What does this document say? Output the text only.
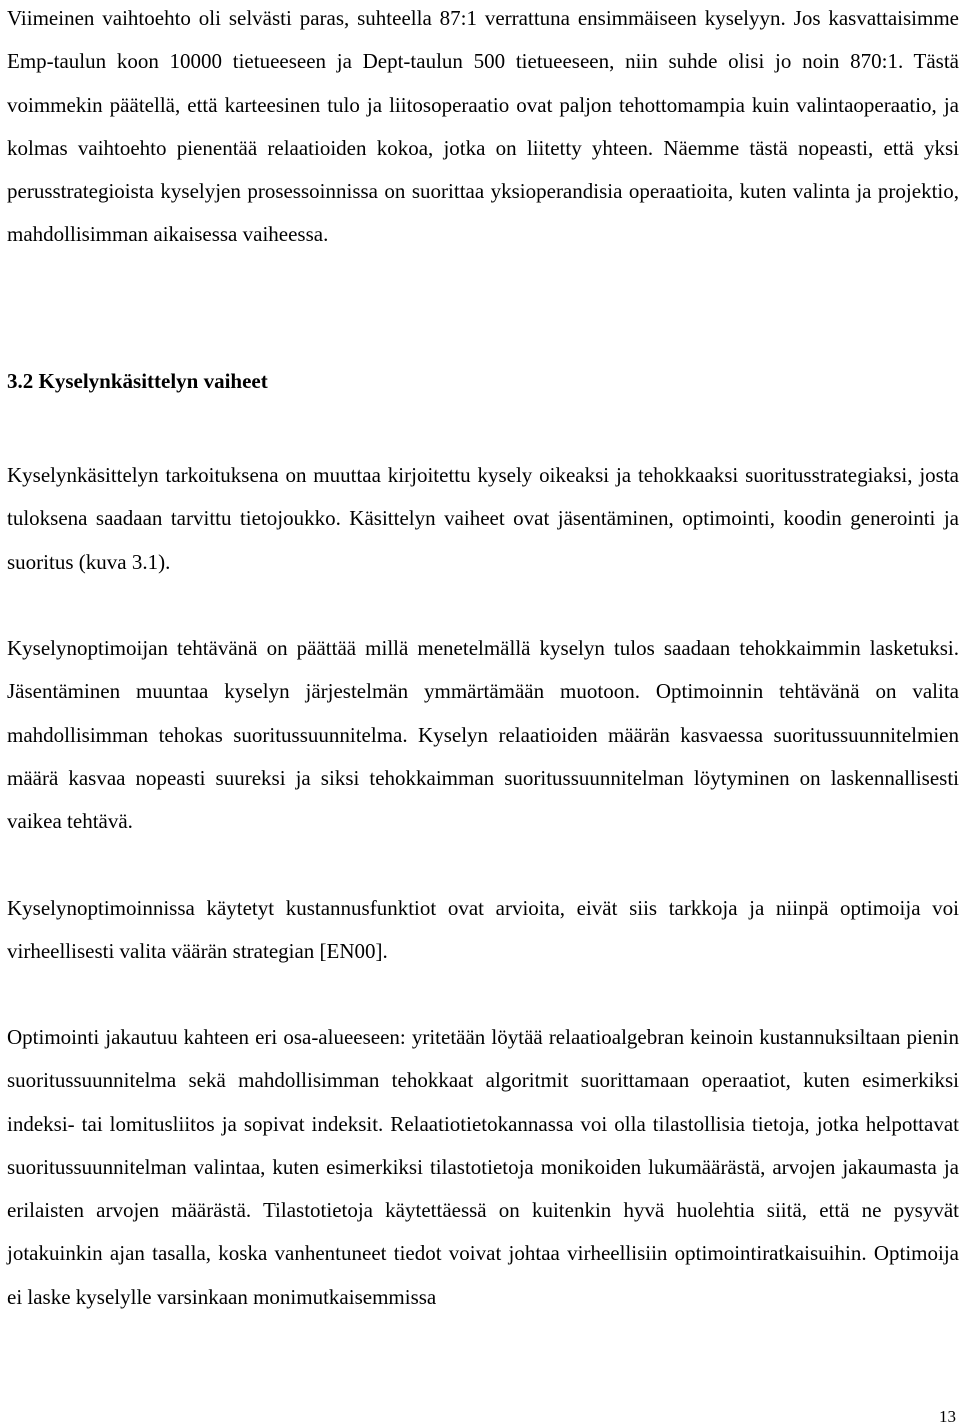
Viimeinen vaihtoehto oli selvästi paras, suhteella 87:1 verrattuna ensimmäiseen kyselyyn. Jos kasvattaisimme Emp-taulun koon 10000 tietueeseen ja Dept-taulun 500 tietueeseen, niin suhde olisi jo noin 870:1. Tästä voimmekin päätellä, että karteesinen tulo ja liitosoperaatio ovat paljon tehottomampia kuin valintaoperaatio, ja kolmas vaihtoehto pienentää relaatioiden kokoa, jotka on liitetty yhteen. Näemme tästä nopeasti, että yksi perusstrategioista kyselyjen prosessoinnissa on suorittaa yksioperandisia operaatioita, kuten valinta ja projektio, mahdollisimman aikaisessa vaiheessa.

3.2 Kyselynkäsittelyn vaiheet

Kyselynkäsittelyn tarkoituksena on muuttaa kirjoitettu kysely oikeaksi ja tehokkaaksi suoritusstrategiaksi, josta tuloksena saadaan tarvittu tietojoukko. Käsittelyn vaiheet ovat jäsentäminen, optimointi, koodin generointi ja suoritus (kuva 3.1).

Kyselynoptimoijan tehtävänä on päättää millä menetelmällä kyselyn tulos saadaan tehokkaimmin lasketuksi. Jäsentäminen muuntaa kyselyn järjestelmän ymmärtämään muotoon. Optimoinnin tehtävänä on valita mahdollisimman tehokas suoritussuunnitelma. Kyselyn relaatioiden määrän kasvaessa suoritussuunnitelmien määrä kasvaa nopeasti suureksi ja siksi tehokkaimman suoritussuunnitelman löytyminen on laskennallisesti vaikea tehtävä.

Kyselynoptimoinnissa käytetyt kustannusfunktiot ovat arvioita, eivät siis tarkkoja ja niinpä optimoija voi virheellisesti valita väärän strategian [EN00].

Optimointi jakautuu kahteen eri osa-alueeseen: yritetään löytää relaatioalgebran keinoin kustannuksiltaan pienin suoritussuunnitelma sekä mahdollisimman tehokkaat algoritmit suorittamaan operaatiot, kuten esimerkiksi indeksi- tai lomitusliitos ja sopivat indeksit. Relaatiotietokannassa voi olla tilastollisia tietoja, jotka helpottavat suoritussuunnitelman valintaa, kuten esimerkiksi tilastotietoja monikoiden lukumäärästä, arvojen jakaumasta ja erilaisten arvojen määrästä. Tilastotietoja käytettäessä on kuitenkin hyvä huolehtia siitä, että ne pysyvät jotakuinkin ajan tasalla, koska vanhentuneet tiedot voivat johtaa virheellisiin optimointiratkaisuihin. Optimoija ei laske kyselylle varsinkaan monimutkaisemmissa

13
